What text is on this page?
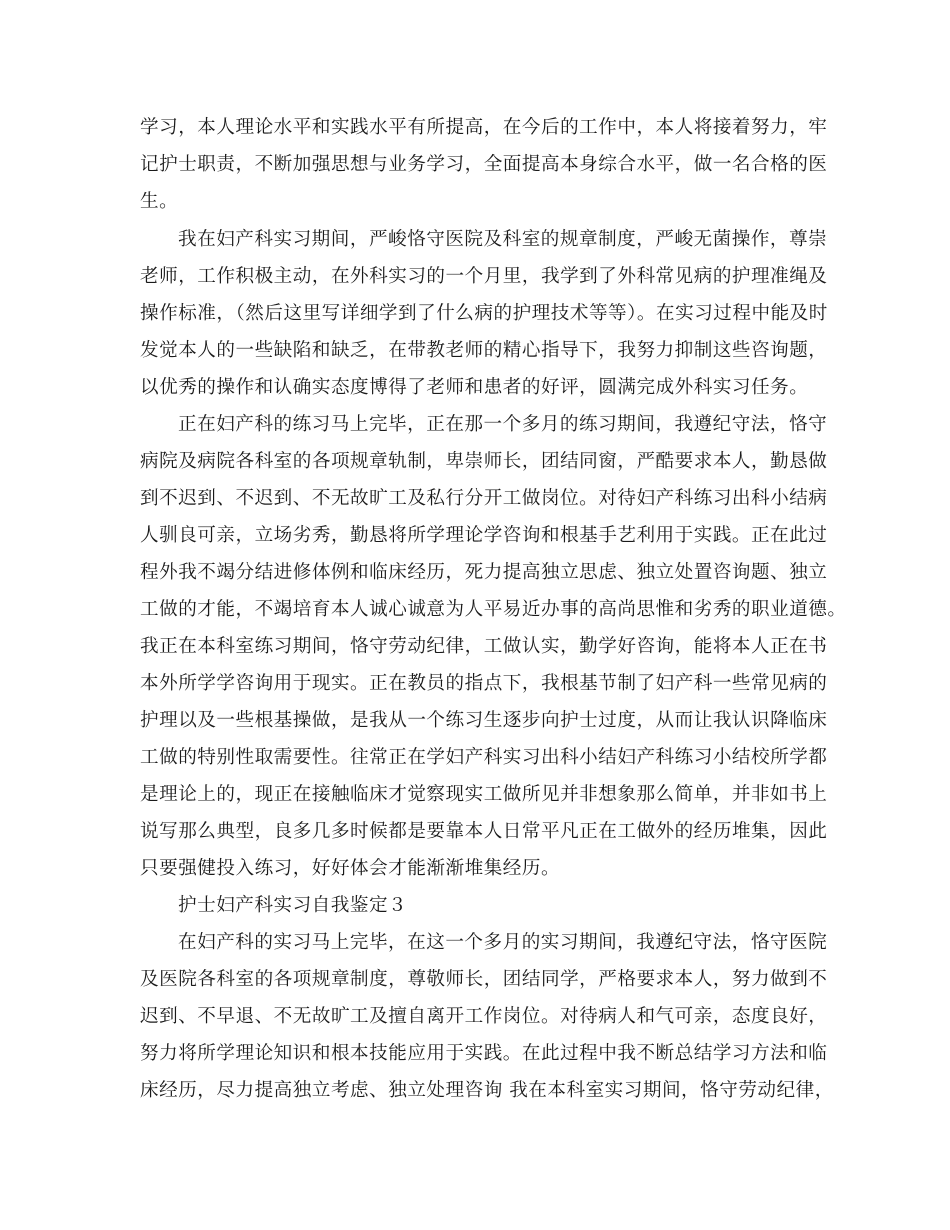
学习，本人理论水平和实践水平有所提高，在今后的工作中，本人将接着努力，牢

记护士职责，不断加强思想与业务学习，全面提高本身综合水平，做一名合格的医

生。

我在妇产科实习期间，严峻恪守医院及科室的规章制度，严峻无菌操作，尊崇

老师，工作积极主动，在外科实习的一个月里，我学到了外科常见病的护理准绳及

操作标准，（然后这里写详细学到了什么病的护理技术等等）。在实习过程中能及时

发觉本人的一些缺陷和缺乏，在带教老师的精心指导下，我努力抑制这些咨询题，

以优秀的操作和认确实态度博得了老师和患者的好评，圆满完成外科实习任务。

正在妇产科的练习马上完毕，正在那一个多月的练习期间，我遵纪守法，恪守

病院及病院各科室的各项规章轨制，卑崇师长，团结同窗，严酷要求本人，勤恳做

到不迟到、不迟到、不无故旷工及私行分开工做岗位。对待妇产科练习出科小结病

人驯良可亲，立场劣秀，勤恳将所学理论学咨询和根基手艺利用于实践。正在此过

程外我不竭分结进修体例和临床经历，死力提高独立思虑、独立处置咨询题、独立

工做的才能，不竭培育本人诚心诚意为人平易近办事的高尚思惟和劣秀的职业道德。

我正在本科室练习期间，恪守劳动纪律，工做认实，勤学好咨询，能将本人正在书

本外所学学咨询用于现实。正在教员的指点下，我根基节制了妇产科一些常见病的

护理以及一些根基操做，是我从一个练习生逐步向护士过度，从而让我认识降临床

工做的特别性取需要性。往常正在学妇产科实习出科小结妇产科练习小结校所学都

是理论上的，现正在接触临床才觉察现实工做所见并非想象那么简单，并非如书上

说写那么典型，良多几多时候都是要靠本人日常平凡正在工做外的经历堆集，因此

只要强健投入练习，好好体会才能渐渐堆集经历。

护士妇产科实习自我鉴定３

在妇产科的实习马上完毕，在这一个多月的实习期间，我遵纪守法，恪守医院

及医院各科室的各项规章制度，尊敬师长，团结同学，严格要求本人，努力做到不

迟到、不早退、不无故旷工及擅自离开工作岗位。对待病人和气可亲，态度良好，

努力将所学理论知识和根本技能应用于实践。在此过程中我不断总结学习方法和临

床经历，尽力提高独立考虑、独立处理咨询 我在本科室实习期间，恪守劳动纪律，
